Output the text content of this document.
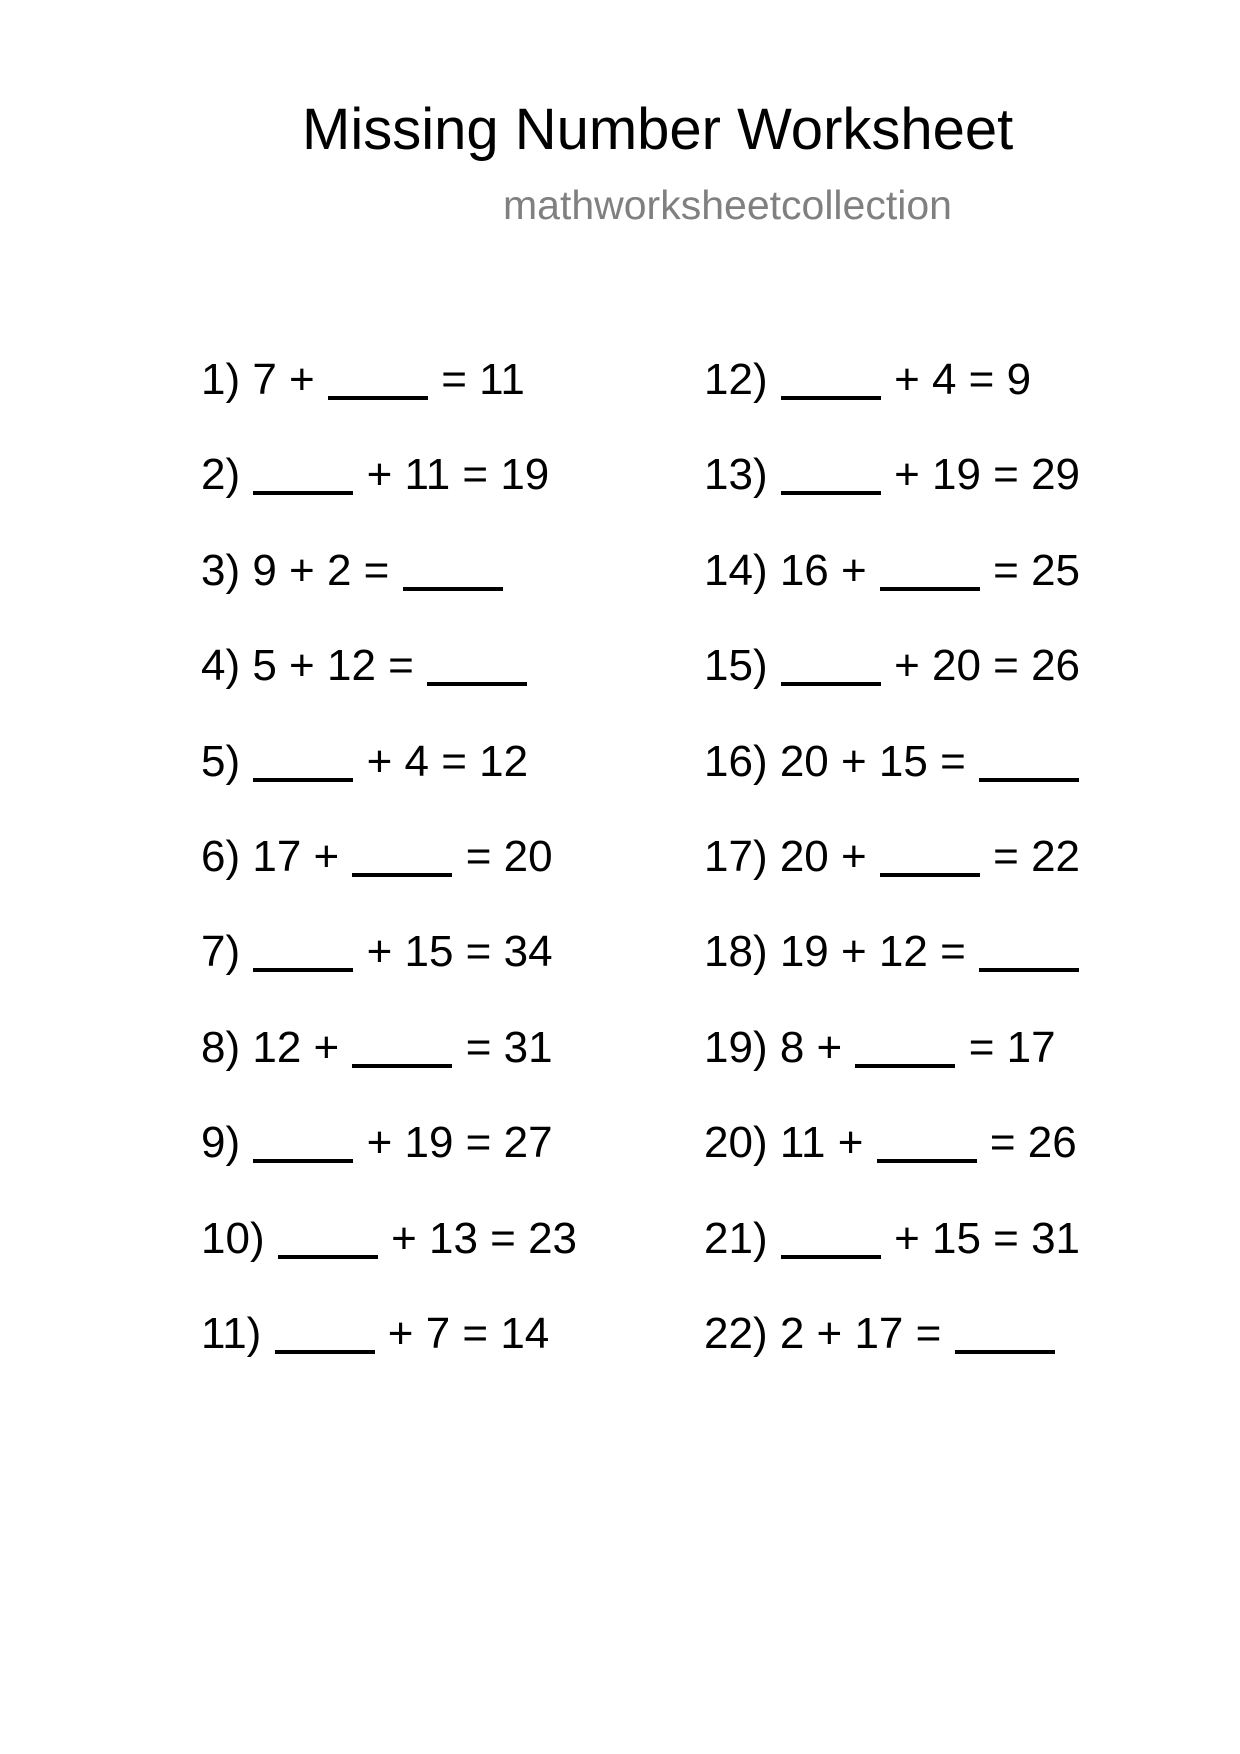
Missing Number Worksheet
mathworksheetcollection
1) 7 +	= 11
2)	+ 11 = 19
3) 9 + 2 =
4) 5 + 12 =
5)	+ 4 = 12
6) 17 +	= 20
7)	+ 15 = 34
8) 12 +	= 31
9)	+ 19 = 27
10)	+ 13 = 23
11)	+ 7 = 14
12)	+ 4 = 9
13)	+ 19 = 29
14) 16 +	= 25
15)	+ 20 = 26
16) 20 + 15 =
17) 20 +	= 22
18) 19 + 12 =
19) 8 +	= 17
20) 11 +	= 26
21)	+ 15 = 31
22) 2 + 17 =
